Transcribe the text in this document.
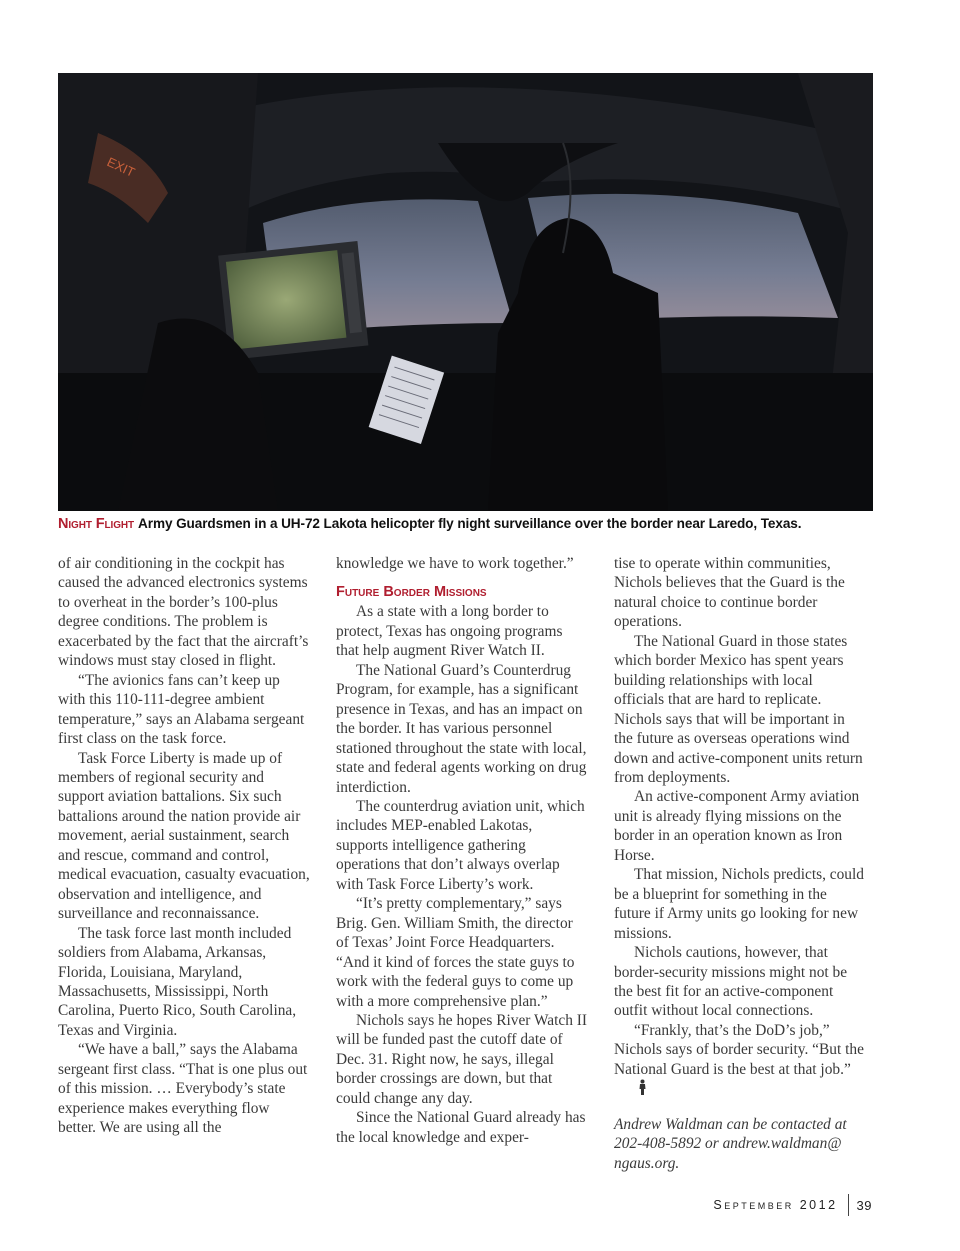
EXIT
Night Flight Army Guardsmen in a UH-72 Lakota helicopter fly night surveillance over the border near Laredo, Texas.

of air conditioning in the cockpit has caused the advanced electronics systems to overheat in the border’s 100-plus degree conditions. The problem is exacerbated by the fact that the aircraft’s windows must stay closed in flight.

“The avionics fans can’t keep up with this 110-111-degree ambient temperature,” says an Alabama sergeant first class on the task force.

Task Force Liberty is made up of members of regional security and support aviation battalions. Six such battalions around the nation provide air movement, aerial sustainment, search and rescue, command and control, medical evacuation, casualty evacuation, observation and intelligence, and surveillance and reconnaissance.

The task force last month included soldiers from Alabama, Arkansas, Florida, Louisiana, Maryland, Massachusetts, Mississippi, North Carolina, Puerto Rico, South Carolina, Texas and Virginia.

“We have a ball,” says the Alabama sergeant first class. “That is one plus out of this mission. … Everybody’s state experience makes everything flow better. We are using all the

knowledge we have to work together.”

Future Border Missions

As a state with a long border to protect, Texas has ongoing programs that help augment River Watch II.

The National Guard’s Counterdrug Program, for example, has a significant presence in Texas, and has an impact on the border. It has various personnel stationed throughout the state with local, state and federal agents working on drug interdiction.

The counterdrug aviation unit, which includes MEP-enabled Lakotas, supports intelligence gathering operations that don’t always overlap with Task Force Liberty’s work.

“It’s pretty complementary,” says Brig. Gen. William Smith, the director of Texas’ Joint Force Headquarters. “And it kind of forces the state guys to work with the federal guys to come up with a more comprehensive plan.”

Nichols says he hopes River Watch II will be funded past the cutoff date of Dec. 31. Right now, he says, illegal border crossings are down, but that could change any day.

Since the National Guard already has the local knowledge and exper-

tise to operate within communities, Nichols believes that the Guard is the natural choice to continue border operations.

The National Guard in those states which border Mexico has spent years building relationships with local officials that are hard to replicate. Nichols says that will be important in the future as overseas operations wind down and active-component units return from deployments.

An active-component Army aviation unit is already flying missions on the border in an operation known as Iron Horse.

That mission, Nichols predicts, could be a blueprint for something in the future if Army units go looking for new missions.

Nichols cautions, however, that border-security missions might not be the best fit for an active-component outfit without local connections.

“Frankly, that’s the DoD’s job,” Nichols says of border security. “But the National Guard is the best at that job.”

Andrew Waldman can be contacted at 202-408-5892 or andrew.waldman@ ngaus.org.

September 2012 39
